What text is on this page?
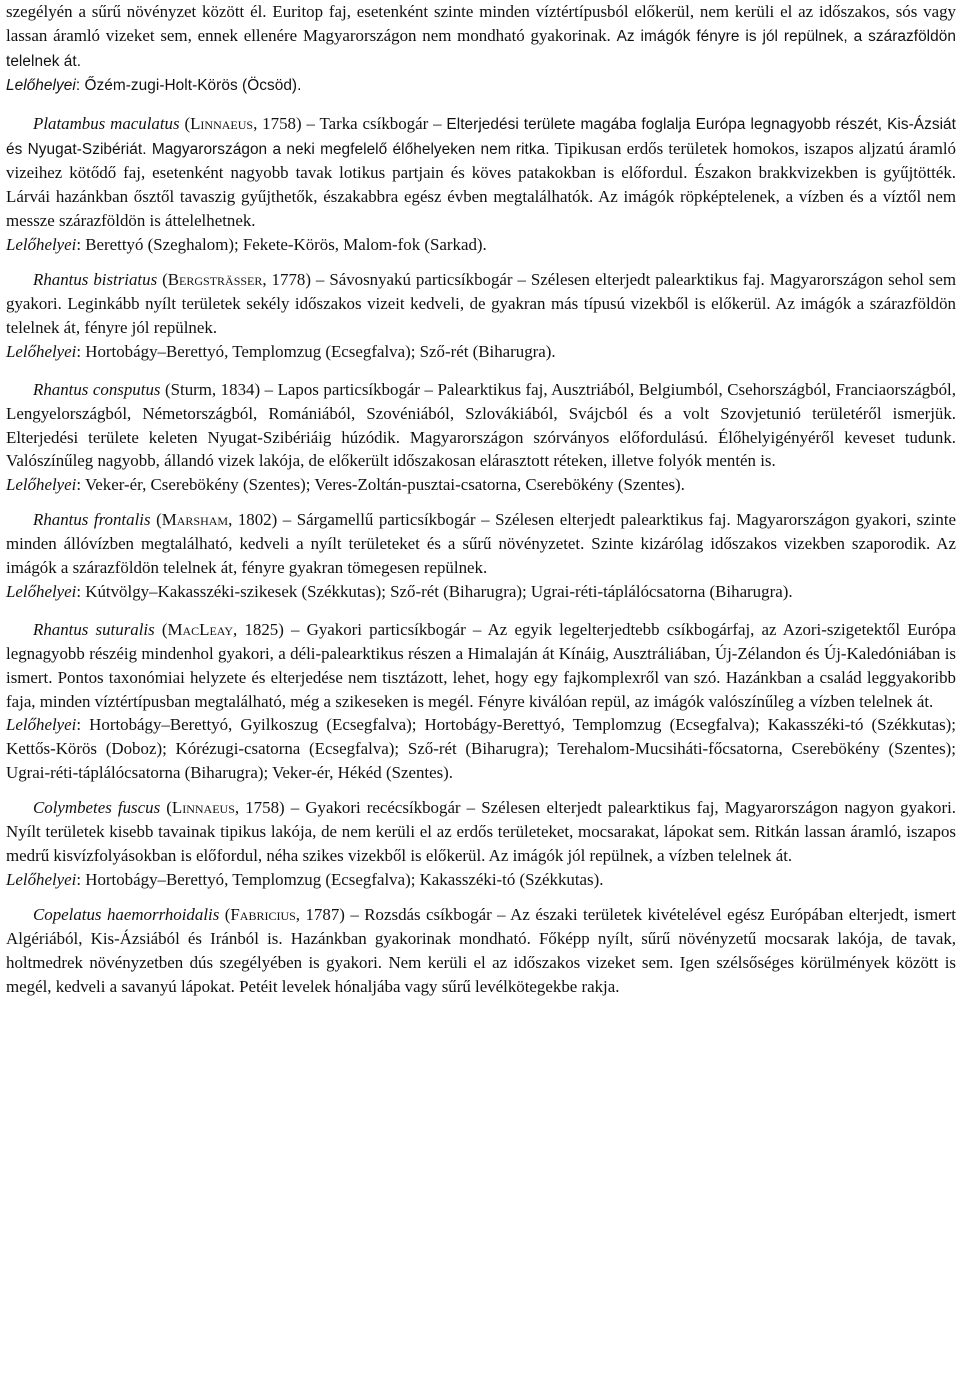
szegélyén a sűrű növényzet között él. Euritop faj, esetenként szinte minden víztértípusból előkerül, nem kerüli el az időszakos, sós vagy lassan áramló vizeket sem, ennek ellenére Magyarországon nem mondható gyakorinak. Az imágók fényre is jól repülnek, a szárazföldön telelnek át.

Lelőhelyei: Őzém-zugi-Holt-Körös (Öcsöd).

Platambus maculatus (Linnaeus, 1758) – Tarka csíkbogár – Elterjedési területe magába foglalja Európa legnagyobb részét, Kis-Ázsiát és Nyugat-Szibériát. Magyarországon a neki megfelelő élőhelyeken nem ritka. Tipikusan erdős területek homokos, iszapos aljzatú áramló vizeihez kötődő faj, esetenként nagyobb tavak lotikus partjain és köves patakokban is előfordul. Északon brakkvizekben is gyűjtötték. Lárvái hazánkban ősztől tavaszig gyűjthetők, északabbra egész évben megtalálhatók. Az imágók röpképtelenek, a vízben és a víztől nem messze szárazföldön is áttelelhetnek.

Lelőhelyei: Berettyó (Szeghalom); Fekete-Körös, Malom-fok (Sarkad).

Rhantus bistriatus (Bergsträsser, 1778) – Sávosnyakú particsíkbogár – Szélesen elterjedt palearktikus faj. Magyarországon sehol sem gyakori. Leginkább nyílt területek sekély időszakos vizeit kedveli, de gyakran más típusú vizekből is előkerül. Az imágók a szárazföldön telelnek át, fényre jól repülnek.

Lelőhelyei: Hortobágy–Berettyó, Templomzug (Ecsegfalva); Sző-rét (Biharugra).

Rhantus consputus (Sturm, 1834) – Lapos particsíkbogár – Palearktikus faj, Ausztriából, Belgiumból, Csehországból, Franciaországból, Lengyelországból, Németországból, Romániából, Szovéniából, Szlovákiából, Svájcból és a volt Szovjetunió területéről ismerjük. Elterjedési területe keleten Nyugat-Szibériáig húzódik. Magyarországon szórványos előfordulású. Élőhelyigényéről keveset tudunk. Valószínűleg nagyobb, állandó vizek lakója, de előkerült időszakosan elárasztott réteken, illetve folyók mentén is.

Lelőhelyei: Veker-ér, Cserebökény (Szentes); Veres-Zoltán-pusztai-csatorna, Cserebökény (Szentes).

Rhantus frontalis (Marsham, 1802) – Sárgamellű particsíkbogár – Szélesen elterjedt palearktikus faj. Magyarországon gyakori, szinte minden állóvízben megtalálható, kedveli a nyílt területeket és a sűrű növényzetet. Szinte kizárólag időszakos vizekben szaporodik. Az imágók a szárazföldön telelnek át, fényre gyakran tömegesen repülnek.

Lelőhelyei: Kútvölgy–Kakasszéki-szikesek (Székkutas); Sző-rét (Biharugra); Ugrai-réti-táplálócsatorna (Biharugra).

Rhantus suturalis (MacLeay, 1825) – Gyakori particsíkbogár – Az egyik legelterjedtebb csíkbogárfaj, az Azori-szigetektől Európa legnagyobb részéig mindenhol gyakori, a déli-palearktikus részen a Himalaján át Kínáig, Ausztráliában, Új-Zélandon és Új-Kaledóniában is ismert. Pontos taxonómiai helyzete és elterjedése nem tisztázott, lehet, hogy egy fajkomplexről van szó. Hazánkban a család leggyakoribb faja, minden víztértípusban megtalálható, még a szikeseken is megél. Fényre kiválóan repül, az imágók valószínűleg a vízben telelnek át.

Lelőhelyei: Hortobágy–Berettyó, Gyilkoszug (Ecsegfalva); Hortobágy-Berettyó, Templomzug (Ecsegfalva); Kakasszéki-tó (Székkutas); Kettős-Körös (Doboz); Kórézugi-csatorna (Ecsegfalva); Sző-rét (Biharugra); Terehalom-Mucsiháti-főcsatorna, Cserebökény (Szentes); Ugrai-réti-táplálócsatorna (Biharugra); Veker-ér, Hékéd (Szentes).

Colymbetes fuscus (Linnaeus, 1758) – Gyakori recécsíkbogár – Szélesen elterjedt palearktikus faj, Magyarországon nagyon gyakori. Nyílt területek kisebb tavainak tipikus lakója, de nem kerüli el az erdős területeket, mocsarakat, lápokat sem. Ritkán lassan áramló, iszapos medrű kisvízfolyásokban is előfordul, néha szikes vizekből is előkerül. Az imágók jól repülnek, a vízben telelnek át.

Lelőhelyei: Hortobágy–Berettyó, Templomzug (Ecsegfalva); Kakasszéki-tó (Székkutas).

Copelatus haemorrhoidalis (Fabricius, 1787) – Rozsdás csíkbogár – Az északi területek kivételével egész Európában elterjedt, ismert Algériából, Kis-Ázsiából és Iránból is. Hazánkban gyakorinak mondható. Főképp nyílt, sűrű növényzetű mocsarak lakója, de tavak, holtmedrek növényzetben dús szegélyében is gyakori. Nem kerüli el az időszakos vizeket sem. Igen szélsőséges körülmények között is megél, kedveli a savanyú lápokat. Petéit levelek hónaljába vagy sűrű levélkötegekbe rakja.
